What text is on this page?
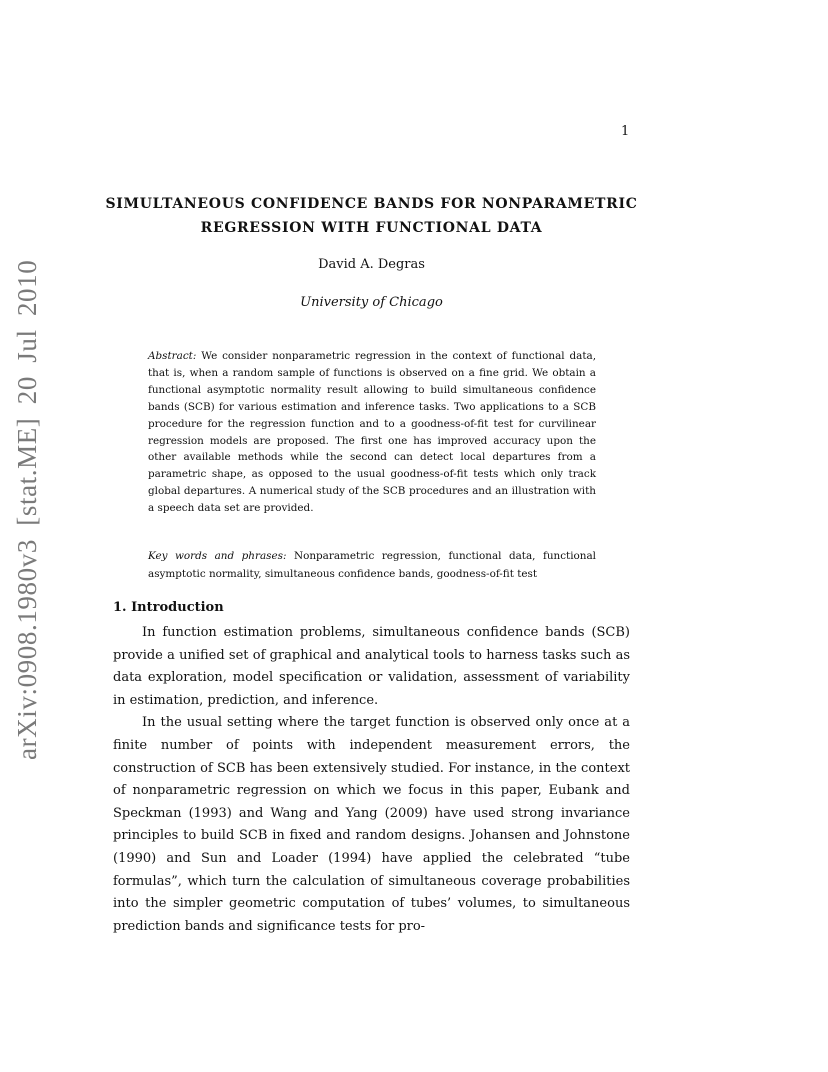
1
arXiv:0908.1980v3 [stat.ME] 20 Jul 2010
SIMULTANEOUS CONFIDENCE BANDS FOR NONPARAMETRIC REGRESSION WITH FUNCTIONAL DATA
David A. Degras
University of Chicago
Abstract: We consider nonparametric regression in the context of functional data, that is, when a random sample of functions is observed on a fine grid. We obtain a functional asymptotic normality result allowing to build simultaneous confidence bands (SCB) for various estimation and inference tasks. Two applications to a SCB procedure for the regression function and to a goodness-of-fit test for curvilinear regression models are proposed. The first one has improved accuracy upon the other available methods while the second can detect local departures from a parametric shape, as opposed to the usual goodness-of-fit tests which only track global departures. A numerical study of the SCB procedures and an illustration with a speech data set are provided.
Key words and phrases: Nonparametric regression, functional data, functional asymptotic normality, simultaneous confidence bands, goodness-of-fit test
1. Introduction

In function estimation problems, simultaneous confidence bands (SCB) provide a unified set of graphical and analytical tools to harness tasks such as data exploration, model specification or validation, assessment of variability in estimation, prediction, and inference.

In the usual setting where the target function is observed only once at a finite number of points with independent measurement errors, the construction of SCB has been extensively studied. For instance, in the context of nonparametric regression on which we focus in this paper, Eubank and Speckman (1993) and Wang and Yang (2009) have used strong invariance principles to build SCB in fixed and random designs. Johansen and Johnstone (1990) and Sun and Loader (1994) have applied the celebrated “tube formulas”, which turn the calculation of simultaneous coverage probabilities into the simpler geometric computation of tubes’ volumes, to simultaneous prediction bands and significance tests for pro-
